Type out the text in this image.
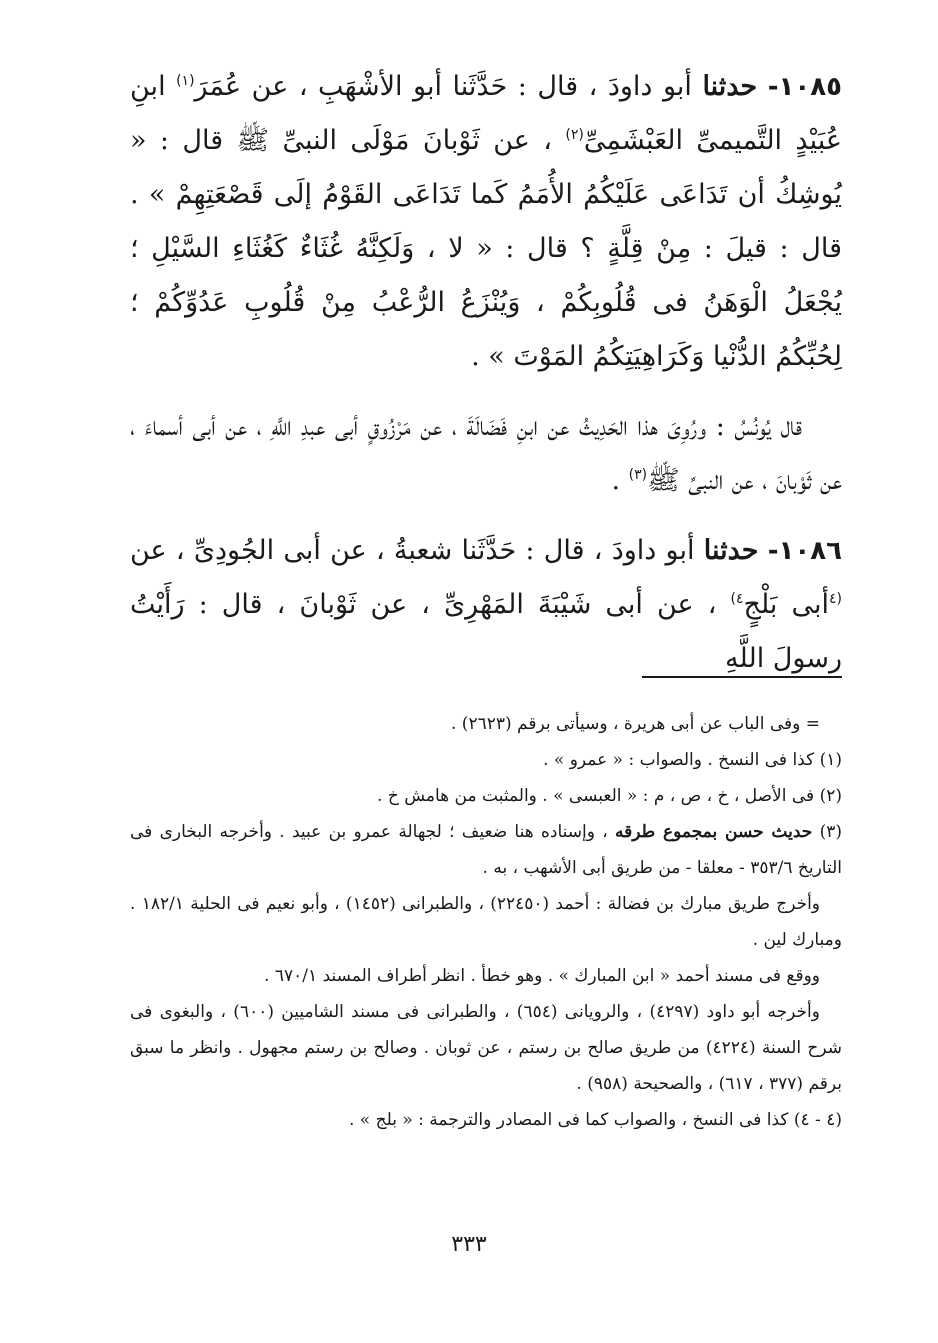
١٠٨٥- حدثنا أبو داودَ ، قال : حَدَّثَنا أبو الأشْهَبِ ، عن عُمَرَ$^{(١)}$ ابنِ عُبَيْدٍ التَّميمىِّ العَبْشَمِىِّ$^{(٢)}$ ، عن ثَوْبانَ مَوْلَى النبىِّ ﷺ قال : « يُوشِكُ أن تَدَاعَى عَلَيْكُمُ الأُمَمُ كَما تَدَاعَى القَوْمُ إلَى قَصْعَتِهِمْ » . قال : قيلَ : مِنْ قِلَّةٍ ؟ قال : « لا ، وَلَكِنَّهُ غُثَاءٌ كَغُثَاءِ السَّيْلِ ؛ يُجْعَلُ الْوَهَنُ فى قُلُوبِكُمْ ، وَيُنْزَعُ الرُّعْبُ مِنْ قُلُوبِ عَدُوِّكُمْ ؛ لِحُبِّكُمُ الدُّنْيا وَكَرَاهِيَتِكُمُ المَوْتَ » .

قال يُونُسُ : ورُوِىَ هذا الحَدِيثُ عن ابنِ فَضَالَةَ ، عن مَرْزُوقٍ أبى عبدِ اللَّهِ ، عن أبى أسماءَ ، عن ثَوْبانَ ، عن النبىِّ ﷺ$^{(٣)}$ .

١٠٨٦- حدثنا أبو داودَ ، قال : حَدَّثَنا شعبةُ ، عن أبى الجُودِىِّ ، عن $^{(٤}$أبى بَلْجٍ$^{٤)}$ ، عن أبى شَيْبَةَ المَهْرِىِّ ، عن ثَوْبانَ ، قال : رَأَيْتُ رسولَ اللَّهِ

= وفى الباب عن أبى هريرة ، وسيأتى برقم (٢٦٢٣) .

(١) كذا فى النسخ . والصواب : « عمرو » .

(٢) فى الأصل ، خ ، ص ، م : « العبسى » . والمثبت من هامش خ .

(٣) حديث حسن بمجموع طرقه ، وإسناده هنا ضعيف ؛ لجهالة عمرو بن عبيد . وأخرجه البخارى فى التاريخ ٣٥٣/٦ - معلقا - من طريق أبى الأشهب ، به .

وأخرج طريق مبارك بن فضالة : أحمد (٢٢٤٥٠) ، والطبرانى (١٤٥٢) ، وأبو نعيم فى الحلية ١٨٢/١ . ومبارك لين .

ووقع فى مسند أحمد « ابن المبارك » . وهو خطأ . انظر أطراف المسند ٦٧٠/١ .

وأخرجه أبو داود (٤٢٩٧) ، والرويانى (٦٥٤) ، والطبرانى فى مسند الشاميين (٦٠٠) ، والبغوى فى شرح السنة (٤٢٢٤) من طريق صالح بن رستم ، عن ثوبان . وصالح بن رستم مجهول . وانظر ما سبق برقم (٣٧٧ ، ٦١٧) ، والصحيحة (٩٥٨) .

(٤ - ٤) كذا فى النسخ ، والصواب كما فى المصادر والترجمة : « بلج » .

٣٣٣
